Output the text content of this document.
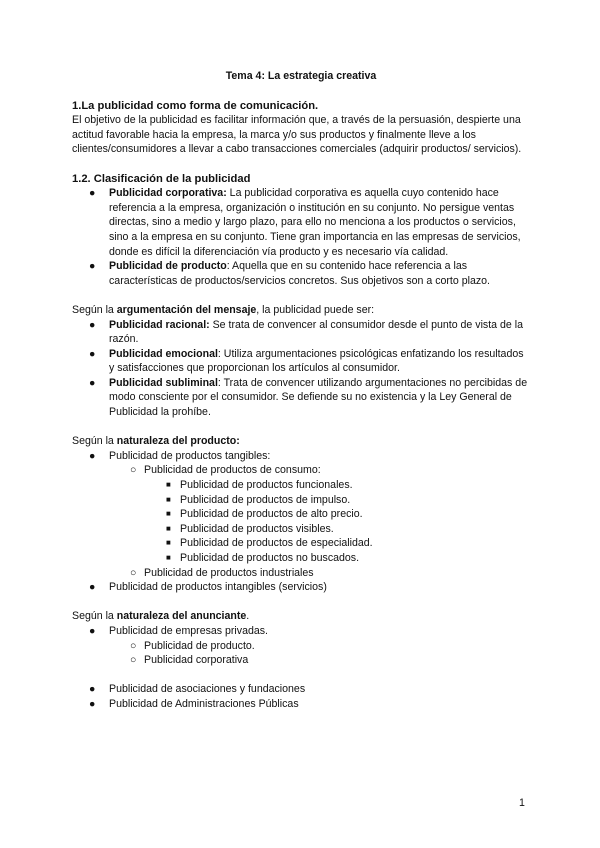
Tema 4: La estrategia creativa
1.La publicidad como forma de comunicación.

El objetivo de la publicidad es facilitar información que, a través de la persuasión, despierte una actitud favorable hacia la empresa, la marca y/o sus productos y finalmente lleve a los clientes/consumidores a llevar a cabo transacciones comerciales (adquirir productos/ servicios).

1.2. Clasificación de la publicidad
● Publicidad corporativa: La publicidad corporativa es aquella cuyo contenido hace referencia a la empresa, organización o institución en su conjunto. No persigue ventas directas, sino a medio y largo plazo, para ello no menciona a los productos o servicios, sino a la empresa en su conjunto. Tiene gran importancia en las empresas de servicios, donde es difícil la diferenciación vía producto y es necesario vía calidad.
● Publicidad de producto: Aquella que en su contenido hace referencia a las características de productos/servicios concretos. Sus objetivos son a corto plazo.

Según la argumentación del mensaje, la publicidad puede ser:

● Publicidad racional: Se trata de convencer al consumidor desde el punto de vista de la razón.
● Publicidad emocional: Utiliza argumentaciones psicológicas enfatizando los resultados y satisfacciones que proporcionan los artículos al consumidor.
● Publicidad subliminal: Trata de convencer utilizando argumentaciones no percibidas de modo consciente por el consumidor. Se defiende su no existencia y la Ley General de Publicidad la prohíbe.

Según la naturaleza del producto:

● Publicidad de productos tangibles:
○ Publicidad de productos de consumo:
■ Publicidad de productos funcionales.
■ Publicidad de productos de impulso.
■ Publicidad de productos de alto precio.
■ Publicidad de productos visibles.
■ Publicidad de productos de especialidad.
■ Publicidad de productos no buscados.
○ Publicidad de productos industriales
● Publicidad de productos intangibles (servicios)

Según la naturaleza del anunciante.

● Publicidad de empresas privadas.
○ Publicidad de producto.
○ Publicidad corporativa
● Publicidad de asociaciones y fundaciones
● Publicidad de Administraciones Públicas
1
